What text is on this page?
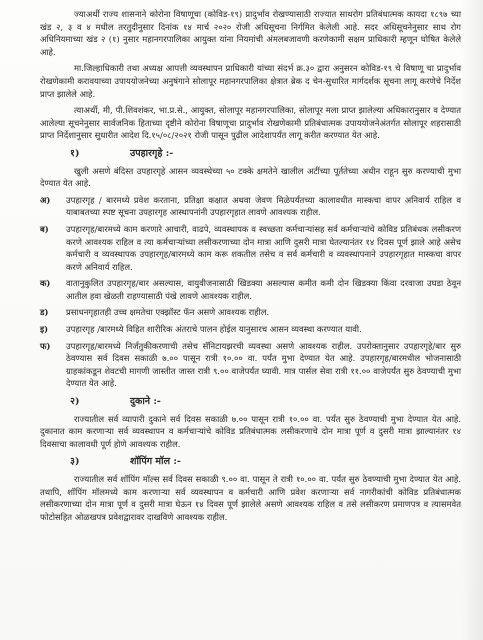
ज्याअर्थी राज्य शासनाने कोरोना विषाणूचा (कोविड-१९) प्रादुर्भाव रोखण्यासाठी राज्यात साथरोग प्रतिबंधात्मक कायदा १८९७ च्या खंड २, ३ व ४ मधील तरतुदीनुसार दिनांक १४ मार्च २०२० रोजी अधिसूचना निर्गमित केलेली आहे. सदर अधिसूचनेनुसार साथ रोग अधिनियमाच्या खंड २ (१) नुसार महानगरपालिका आयुक्त यांना नियमांची अंमलबजावणी करणेकामी सक्षम प्राधिकारी म्हणून घोषित केलेले आहे.

मा.जिल्हाधिकारी तथा अध्यक्ष आपत्ती व्यवस्थापन प्राधिकारी यांच्या संदर्भ क्र.३० द्वारा अनुसरन कोविड-१९ चे विषाणू चा प्रादुर्भाव रोखणेकामी करावयाच्या उपाययोजनेच्या अनुषंगाने सोलापूर महानगरपालिका क्षेत्रात ब्रेक द चेन-सुधारित मार्गदर्शक सूचना लागू करणेचे निर्देश प्राप्त झालेले आहे.

त्याअर्थी, मी, पी.शिवशंकर, भा.प्र.से., आयुक्त, सोलापूर महानगरपालिका, सोलापूर मला प्राप्त झालेल्या अधिकारानुसार व देण्यात आलेल्या सूचनेनुसार सार्वजनिक हिताच्या दृष्टीने कोरोना विषाणूचा प्रादुर्भाव रोखणेकामी प्रतिबंधात्मक उपाययोजनेअंतर्गत सोलापूर शहरासाठी प्राप्त निर्देशानुसार सुधारीत आदेश दि.१५/०८/२०२१ रोजी पासून पुढील आदेशापर्यंत लागू करीत करण्यात येत आहे.

१)	उपहारगृहे :-

खुली असणे बंदिस्त उपहारगृहे आसन व्यवस्थेच्या ५० टक्के क्षमतेने खालील अटींच्या पूर्ततेच्या अधीन राहून सुरु करण्याची मुभा देण्यात येत आहे.

अ)	उपहारगृह / बारमध्ये प्रवेश करताना, प्रतिक्षा कक्षात अथवा जेवण मिळेपर्यंतच्या कालावधीत मास्कचा वापर अनिवार्य राहिल व याबाबतच्या स्पष्ट सूचना उपहारगृह आस्थापनांनी उपहारगृहात लावणे आवश्यक राहील.
ब)	उपहारगृह/बारमध्ये काम करणारे आचारी, वाढपे, व्यवस्थापक व स्वच्छता कर्मचाऱ्यांसह सर्व कर्मचाऱ्यांचे कोविड प्रतिबंधक लसीकरण करणे आवश्यक राहिल व त्या कर्मचाऱ्यांच्या लसीकरणाच्या दोन मात्रा आणि दुसरी मात्रा घेतल्यानंतर १४ दिवस पूर्ण झाले आहे असेच कर्मचारी व व्यवस्थापक उपहारगृह/बारमध्ये काम करू शकतील तसेच व सर्व कर्मचारी व व्यवस्थापनाने उपहारगृहात मास्कचा वापर करणे अनिवार्य राहिल.
क)	वातानुकुलित उपहारगृह/बार असल्यास, वायुवीजनासाठी खिडक्या असल्यास कमीत कमी दोन खिडक्या किंवा दरवाजा उघडा ठेवून आतील हवा खेळती राहण्यासाठी पंखे लावणे आवश्यक राहील.
ड)	प्रसाधनगृहातही उच्च क्षमतेचा एक्झॉस्ट फॅन असणे आवश्यक राहील.
इ)	उपहारगृह /बारमध्ये विहित शारीरिक अंतराचे पालन होईल यानुसारच आसन व्यवस्था करण्यात यावी.
फ)	उपहारगृह/बारमध्ये निर्जंतुकीकरणाची तसेच सॅनिटायझरची व्यवस्था असणे आवश्यक राहील. उपरोक्तानुसार उपहारगृहे/बार सुरु ठेवण्यास सर्व दिवस सकाळी ७.०० पासून रात्री १०.०० वा. पर्यंत मुभा देण्यात येत आहे. उपहारगृह/बारमधील भोजनासाठी ग्राहकांकडून शेवटची मागणी जास्तीत जास्त रात्री ९.०० वाजेपर्यंत घ्यावी. मात्र पार्सल सेवा रात्री ११.०० वाजेपर्यंत सुरु ठेवण्याची मुभा देण्यात येत आहे.
२)	दुकाने :-

राज्यातील सर्व व्यापारी दुकाने सर्व दिवस सकाळी ७.०० पासून रात्री १०.०० वा. पर्यंत सुरु ठेवण्याची मुभा देण्यात येत आहे. दुकानात काम करणाऱ्या सर्व व्यवस्थापन व कर्मचाऱ्यांचे कोविड प्रतिबंधात्मक लसीकरणाचे दोन मात्रा पूर्ण व दुसरी मात्रा झाल्यानंतर १४ दिवसाचा कालावधी पूर्ण होणे आवश्यक राहील.

३)	शॉपिंग मॉल :-

राज्यातील सर्व शॉपिंग मॉल्स सर्व दिवस सकाळी ९.०० वा. पासून ते रात्री १०.०० वा. पर्यंत सुरु ठेवण्याची मुभा देण्यात येत आहे. तथापि, शॉपिंग मॉलमध्ये काम करणाऱ्या सर्व व्यवस्थापन व कर्मचारी आणि प्रवेश करणाऱ्या सर्व नागरीकांची कोविड प्रतिबंधात्मक लसीकरणाच्या दोन मात्रा पूर्ण व दुसरी मात्रा घेऊन १४ दिवस पूर्ण झालेले असणे आवश्यक राहिल व तसे लसीकरण प्रमाणपत्र व त्यासमवेत फोटोसहित ओळखपत्र प्रवेशद्वारावर दाखविणे आवश्यक राहील.
